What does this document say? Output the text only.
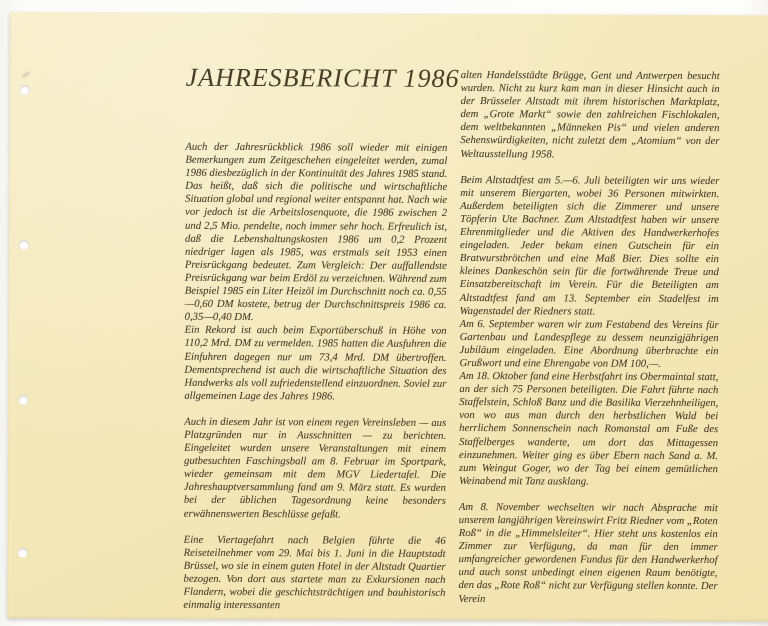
JAHRESBERICHT 1986

Auch der Jahresrückblick 1986 soll wieder mit einigen Bemerkungen zum Zeitgeschehen eingeleitet werden, zumal 1986 diesbezüglich in der Kontinuität des Jahres 1985 stand. Das heißt, daß sich die politische und wirtschaftliche Situation global und regional weiter entspannt hat. Nach wie vor jedoch ist die Arbeitslosenquote, die 1986 zwischen 2 und 2,5 Mio. pendelte, noch immer sehr hoch. Erfreulich ist, daß die Lebenshaltungskosten 1986 um 0,2 Prozent niedriger lagen als 1985, was erstmals seit 1953 einen Preisrückgang bedeutet. Zum Vergleich: Der auffallendste Preisrückgang war beim Erdöl zu verzeichnen. Während zum Beispiel 1985 ein Liter Heizöl im Durchschnitt noch ca. 0,55—0,60 DM kostete, betrug der Durchschnittspreis 1986 ca. 0,35—0,40 DM.

Ein Rekord ist auch beim Exportüberschuß in Höhe von 110,2 Mrd. DM zu vermelden. 1985 hatten die Ausfuhren die Einfuhren dagegen nur um 73,4 Mrd. DM übertroffen. Dementsprechend ist auch die wirtschaftliche Situation des Handwerks als voll zufriedenstellend einzuordnen. Soviel zur allgemeinen Lage des Jahres 1986.

Auch in diesem Jahr ist von einem regen Vereinsleben — aus Platzgründen nur in Ausschnitten — zu berichten. Eingeleitet wurden unsere Veranstaltungen mit einem gutbesuchten Faschingsball am 8. Februar im Sportpark, wieder gemeinsam mit dem MGV Liedertafel. Die Jahreshauptversammlung fand am 9. März statt. Es wurden bei der üblichen Tagesordnung keine besonders erwähnenswerten Beschlüsse gefaßt.

Eine Viertagefahrt nach Belgien führte die 46 Reiseteilnehmer vom 29. Mai bis 1. Juni in die Hauptstadt Brüssel, wo sie in einem guten Hotel in der Altstadt Quartier bezogen. Von dort aus startete man zu Exkursionen nach Flandern, wobei die geschichtsträchtigen und bauhistorisch einmalig interessanten

alten Handelsstädte Brügge, Gent und Antwerpen besucht wurden. Nicht zu kurz kam man in dieser Hinsicht auch in der Brüsseler Altstadt mit ihrem historischen Marktplatz, dem „Grote Markt“ sowie den zahlreichen Fischlokalen, dem weltbekannten „Männeken Pis“ und vielen anderen Sehenswürdigkeiten, nicht zuletzt dem „Atomium“ von der Weltausstellung 1958.

Beim Altstadtfest am 5.—6. Juli beteiligten wir uns wieder mit unserem Biergarten, wobei 36 Personen mitwirkten. Außerdem beteiligten sich die Zimmerer und unsere Töpferin Ute Bachner. Zum Altstadtfest haben wir unsere Ehrenmitglieder und die Aktiven des Handwerkerhofes eingeladen. Jeder bekam einen Gutschein für ein Bratwurstbrötchen und eine Maß Bier. Dies sollte ein kleines Dankeschön sein für die fortwährende Treue und Einsatzbereitschaft im Verein. Für die Beteiligten am Altstadtfest fand am 13. September ein Stadelfest im Wagenstadel der Riedners statt.

Am 6. September waren wir zum Festabend des Vereins für Gartenbau und Landespflege zu dessem neunzigjährigen Jubiläum eingeladen. Eine Abordnung überbrachte ein Grußwort und eine Ehrengabe von DM 100,—.

Am 18. Oktober fand eine Herbstfahrt ins Obermaintal statt, an der sich 75 Personen beteiligten. Die Fahrt führte nach Staffelstein, Schloß Banz und die Basilika Vierzehnheiligen, von wo aus man durch den herbstlichen Wald bei herrlichem Sonnenschein nach Romanstal am Fuße des Staffelberges wanderte, um dort das Mittagessen einzunehmen. Weiter ging es über Ebern nach Sand a. M. zum Weingut Goger, wo der Tag bei einem gemütlichen Weinabend mit Tanz ausklang.

Am 8. November wechselten wir nach Absprache mit unserem langjährigen Vereinswirt Fritz Riedner vom „Roten Roß“ in die „Himmelsleiter“. Hier steht uns kostenlos ein Zimmer zur Verfügung, da man für den immer umfangreicher gewordenen Fundus für den Handwerkerhof und auch sonst unbedingt einen eigenen Raum benötigte, den das „Rote Roß“ nicht zur Verfügung stellen konnte. Der Verein
